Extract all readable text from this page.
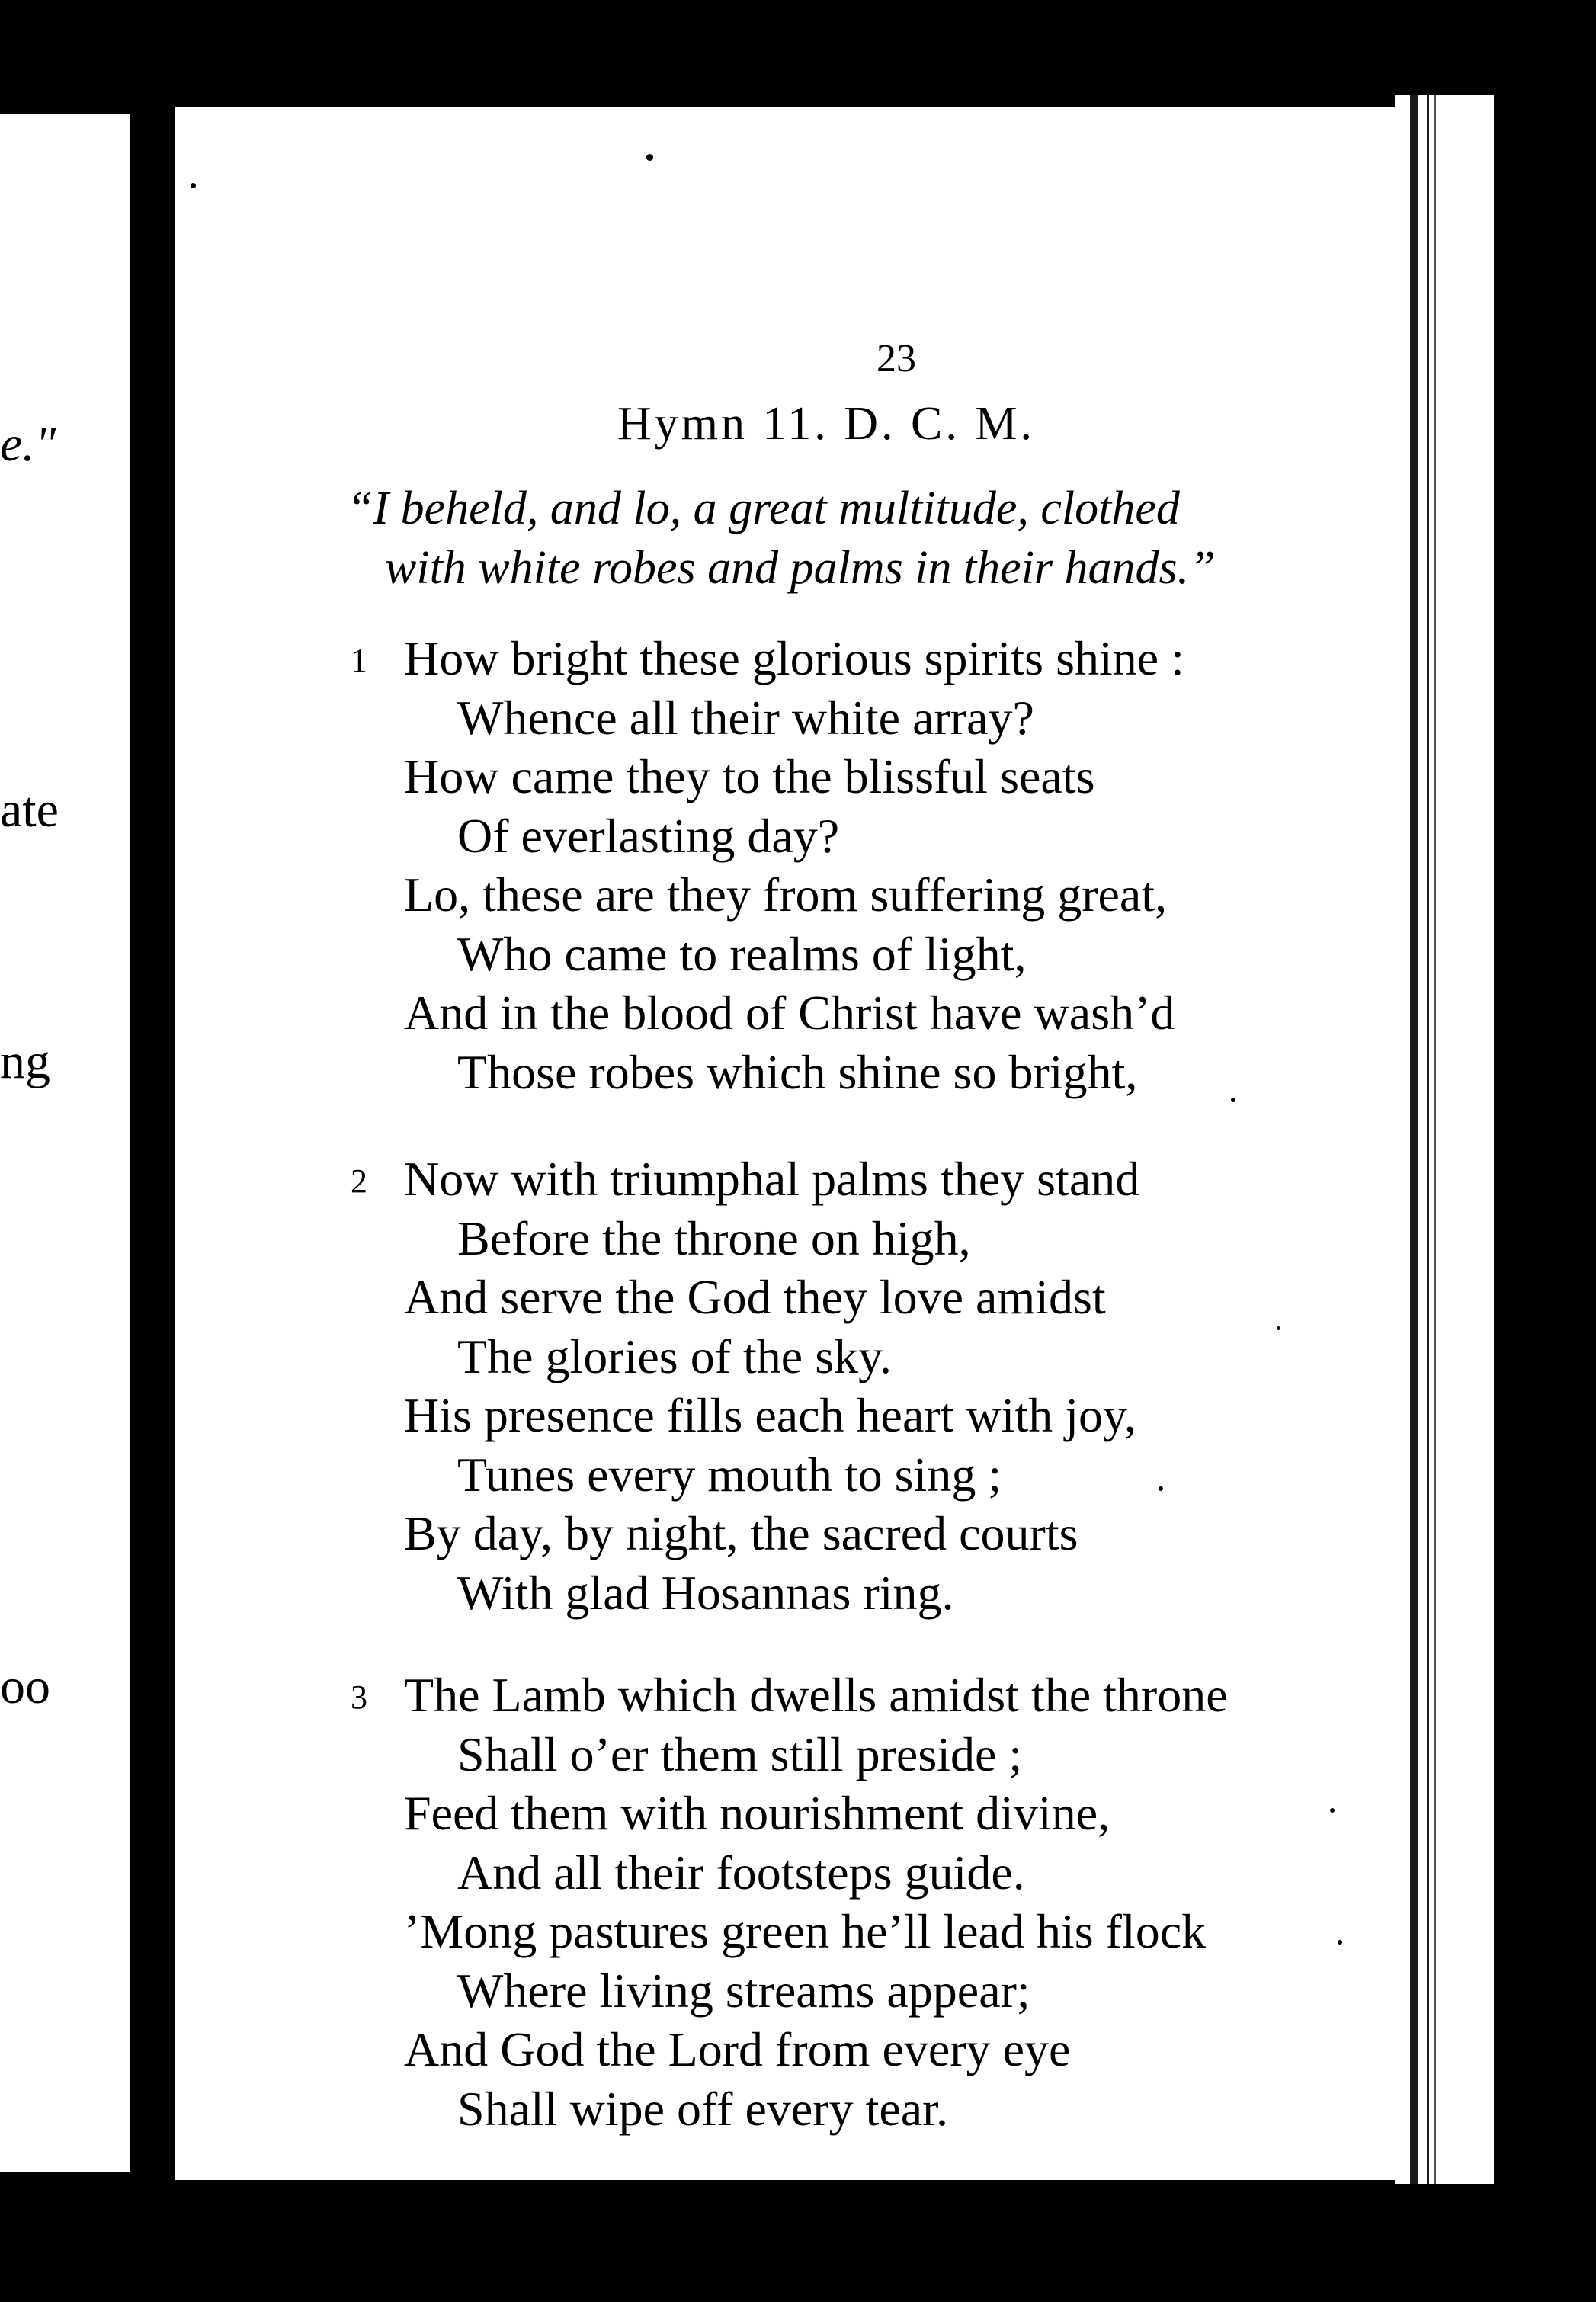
e."
ate
ng
oo
23
Hymn 11. D. C. M.
“I beheld, and lo, a great multitude, clothed
with white robes and palms in their hands.”
1 How bright these glorious spirits shine :
Whence all their white array?
How came they to the blissful seats
Of everlasting day?
Lo, these are they from suffering great,
Who came to realms of light,
And in the blood of Christ have wash’d
Those robes which shine so bright,
2 Now with triumphal palms they stand
Before the throne on high,
And serve the God they love amidst
The glories of the sky.
His presence fills each heart with joy,
Tunes every mouth to sing ;
By day, by night, the sacred courts
With glad Hosannas ring.
3 The Lamb which dwells amidst the throne
Shall o’er them still preside ;
Feed them with nourishment divine,
And all their footsteps guide.
’Mong pastures green he’ll lead his flock
Where living streams appear;
And God the Lord from every eye
Shall wipe off every tear.
